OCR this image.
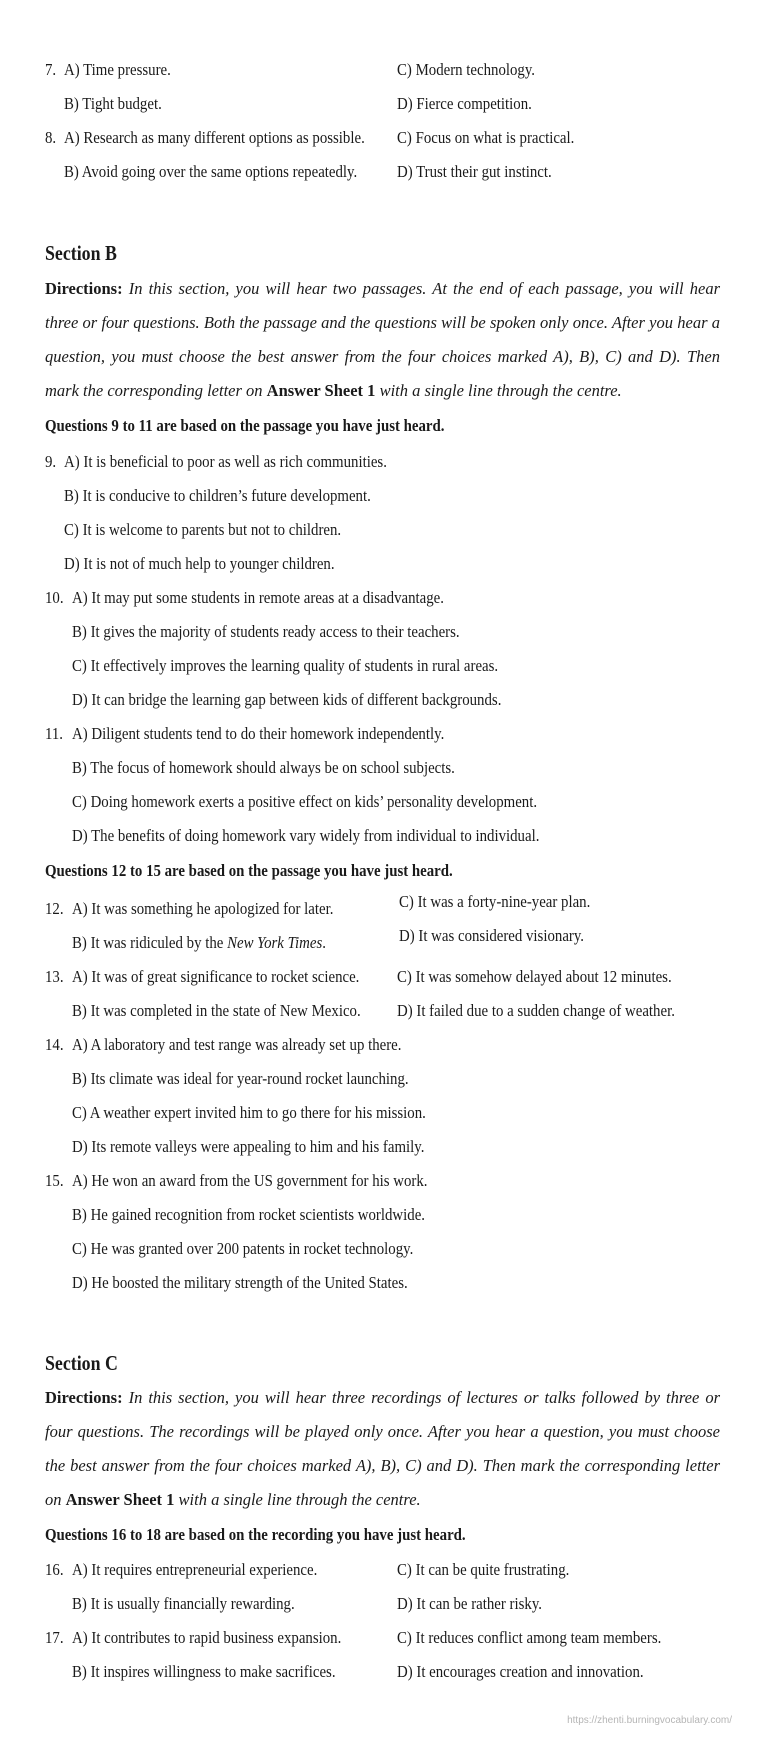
7. A) Time pressure.	C) Modern technology.
B) Tight budget.	D) Fierce competition.
8. A) Research as many different options as possible.	C) Focus on what is practical.
B) Avoid going over the same options repeatedly.	D) Trust their gut instinct.
Section B
Directions: In this section, you will hear two passages. At the end of each passage, you will hear three or four questions. Both the passage and the questions will be spoken only once. After you hear a question, you must choose the best answer from the four choices marked A), B), C) and D). Then mark the corresponding letter on Answer Sheet 1 with a single line through the centre.
Questions 9 to 11 are based on the passage you have just heard.
9. A) It is beneficial to poor as well as rich communities.
B) It is conducive to children’s future development.
C) It is welcome to parents but not to children.
D) It is not of much help to younger children.
10. A) It may put some students in remote areas at a disadvantage.
B) It gives the majority of students ready access to their teachers.
C) It effectively improves the learning quality of students in rural areas.
D) It can bridge the learning gap between kids of different backgrounds.
11. A) Diligent students tend to do their homework independently.
B) The focus of homework should always be on school subjects.
C) Doing homework exerts a positive effect on kids’ personality development.
D) The benefits of doing homework vary widely from individual to individual.
Questions 12 to 15 are based on the passage you have just heard.
12. A) It was something he apologized for later.	C) It was a forty-nine-year plan.
B) It was ridiculed by the New York Times.	D) It was considered visionary.
13. A) It was of great significance to rocket science.	C) It was somehow delayed about 12 minutes.
B) It was completed in the state of New Mexico.	D) It failed due to a sudden change of weather.
14. A) A laboratory and test range was already set up there.
B) Its climate was ideal for year-round rocket launching.
C) A weather expert invited him to go there for his mission.
D) Its remote valleys were appealing to him and his family.
15. A) He won an award from the US government for his work.
B) He gained recognition from rocket scientists worldwide.
C) He was granted over 200 patents in rocket technology.
D) He boosted the military strength of the United States.
Section C
Directions: In this section, you will hear three recordings of lectures or talks followed by three or four questions. The recordings will be played only once. After you hear a question, you must choose the best answer from the four choices marked A), B), C) and D). Then mark the corresponding letter on Answer Sheet 1 with a single line through the centre.
Questions 16 to 18 are based on the recording you have just heard.
16. A) It requires entrepreneurial experience.	C) It can be quite frustrating.
B) It is usually financially rewarding.	D) It can be rather risky.
17. A) It contributes to rapid business expansion.	C) It reduces conflict among team members.
B) It inspires willingness to make sacrifices.	D) It encourages creation and innovation.
https://zhenti.burningvocabulary.com/
